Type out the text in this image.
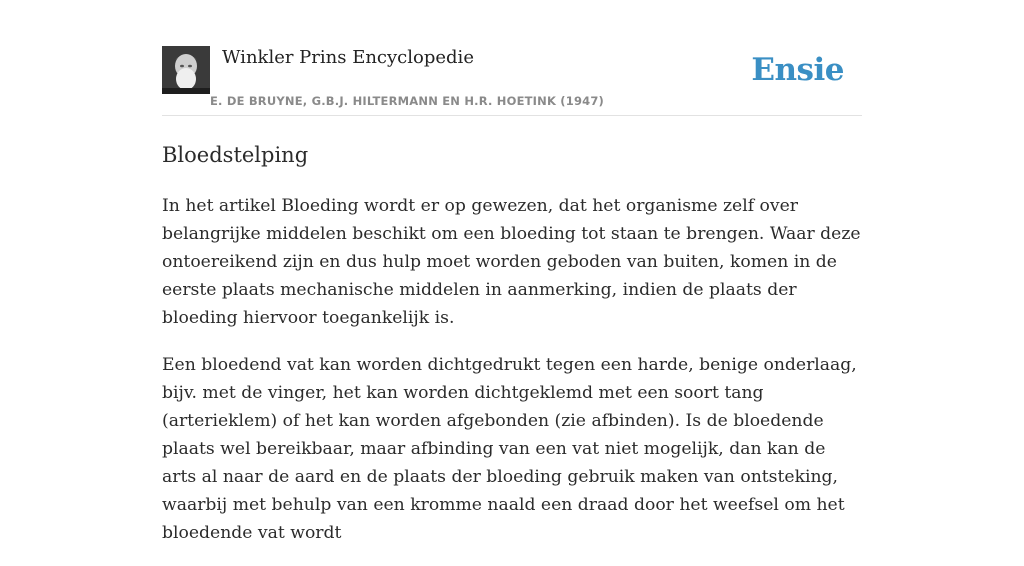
Winkler Prins Encyclopedie
E. DE BRUYNE, G.B.J. HILTERMANN EN H.R. HOETINK (1947)
Ensie
Bloedstelping

In het artikel Bloeding wordt er op gewezen, dat het organisme zelf over belangrijke middelen beschikt om een bloeding tot staan te brengen. Waar deze ontoereikend zijn en dus hulp moet worden geboden van buiten, komen in de eerste plaats mechanische middelen in aanmerking, indien de plaats der bloeding hiervoor toegankelijk is.

Een bloedend vat kan worden dichtgedrukt tegen een harde, benige onderlaag, bijv. met de vinger, het kan worden dichtgeklemd met een soort tang (arterieklem) of het kan worden afgebonden (zie afbinden). Is de bloedende plaats wel bereikbaar, maar afbinding van een vat niet mogelijk, dan kan de arts al naar de aard en de plaats der bloeding gebruik maken van ontsteking, waarbij met behulp van een kromme naald een draad door het weefsel om het bloedende vat wordt
